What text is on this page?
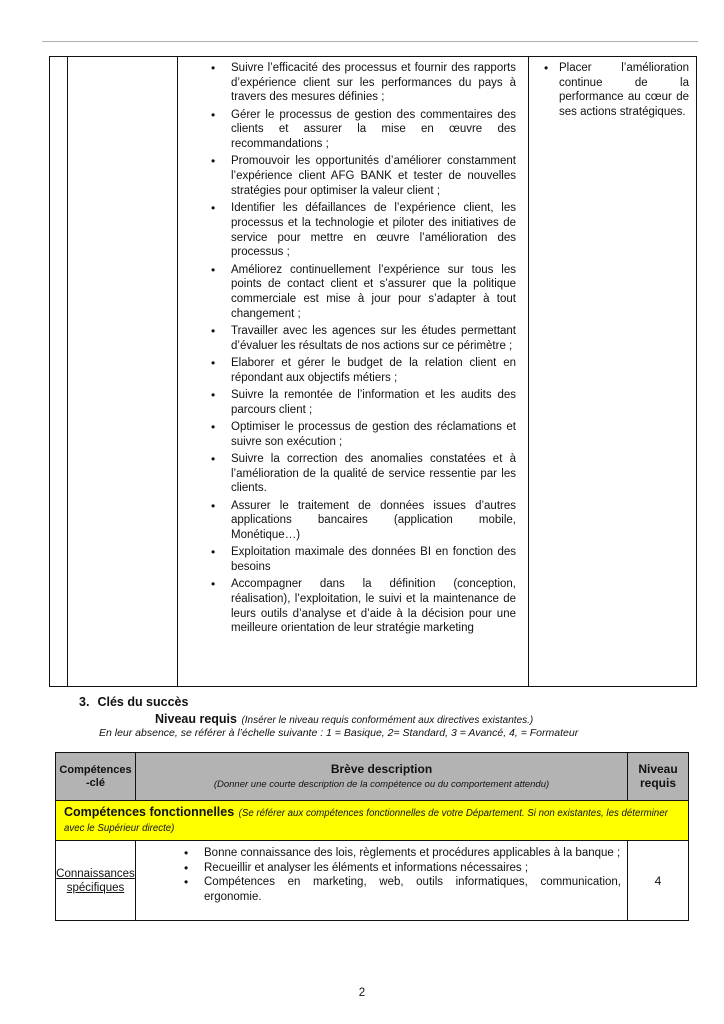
• Suivre l’efficacité des processus et fournir des rapports d’expérience client sur les performances du pays à travers des mesures définies ;
• Gérer le processus de gestion des commentaires des clients et assurer la mise en œuvre des recommandations ;
• Promouvoir les opportunités d’améliorer constamment l’expérience client AFG BANK et tester de nouvelles stratégies pour optimiser la valeur client ;
• Identifier les défaillances de l’expérience client, les processus et la technologie et piloter des initiatives de service pour mettre en œuvre l’amélioration des processus ;
• Améliorez continuellement l’expérience sur tous les points de contact client et s’assurer que la politique commerciale est mise à jour pour s’adapter à tout changement ;
• Travailler avec les agences sur les études permettant d’évaluer les résultats de nos actions sur ce périmètre ;
• Elaborer et gérer le budget de la relation client en répondant aux objectifs métiers ;
• Suivre la remontée de l’information et les audits des parcours client ;
• Optimiser le processus de gestion des réclamations et suivre son exécution ;
• Suivre la correction des anomalies constatées et à l’amélioration de la qualité de service ressentie par les clients.
• Assurer le traitement de données issues d’autres applications bancaires (application mobile, Monétique…)
• Exploitation maximale des données BI en fonction des besoins
• Accompagner dans la définition (conception, réalisation), l’exploitation, le suivi et la maintenance de leurs outils d’analyse et d’aide à la décision pour une meilleure orientation de leur stratégie marketing
• Placer l’amélioration continue de la performance au cœur de ses actions stratégiques.
3. Clés du succès
Niveau requis (Insérer le niveau requis conformément aux directives existantes.)
En leur absence, se référer à l’échelle suivante : 1 = Basique, 2= Standard, 3 = Avancé, 4, = Formateur
Compétences -clé
Brève description
(Donner une courte description de la compétence ou du comportement attendu)
Niveau requis
Compétences fonctionnelles (Se référer aux compétences fonctionnelles de votre Département. Si non existantes, les déterminer avec le Supérieur directe)
Connaissances spécifiques
• Bonne connaissance des lois, règlements et procédures applicables à la banque ;
• Recueillir et analyser les éléments et informations nécessaires ;
• Compétences en marketing, web, outils informatiques, communication, ergonomie.
4
2
